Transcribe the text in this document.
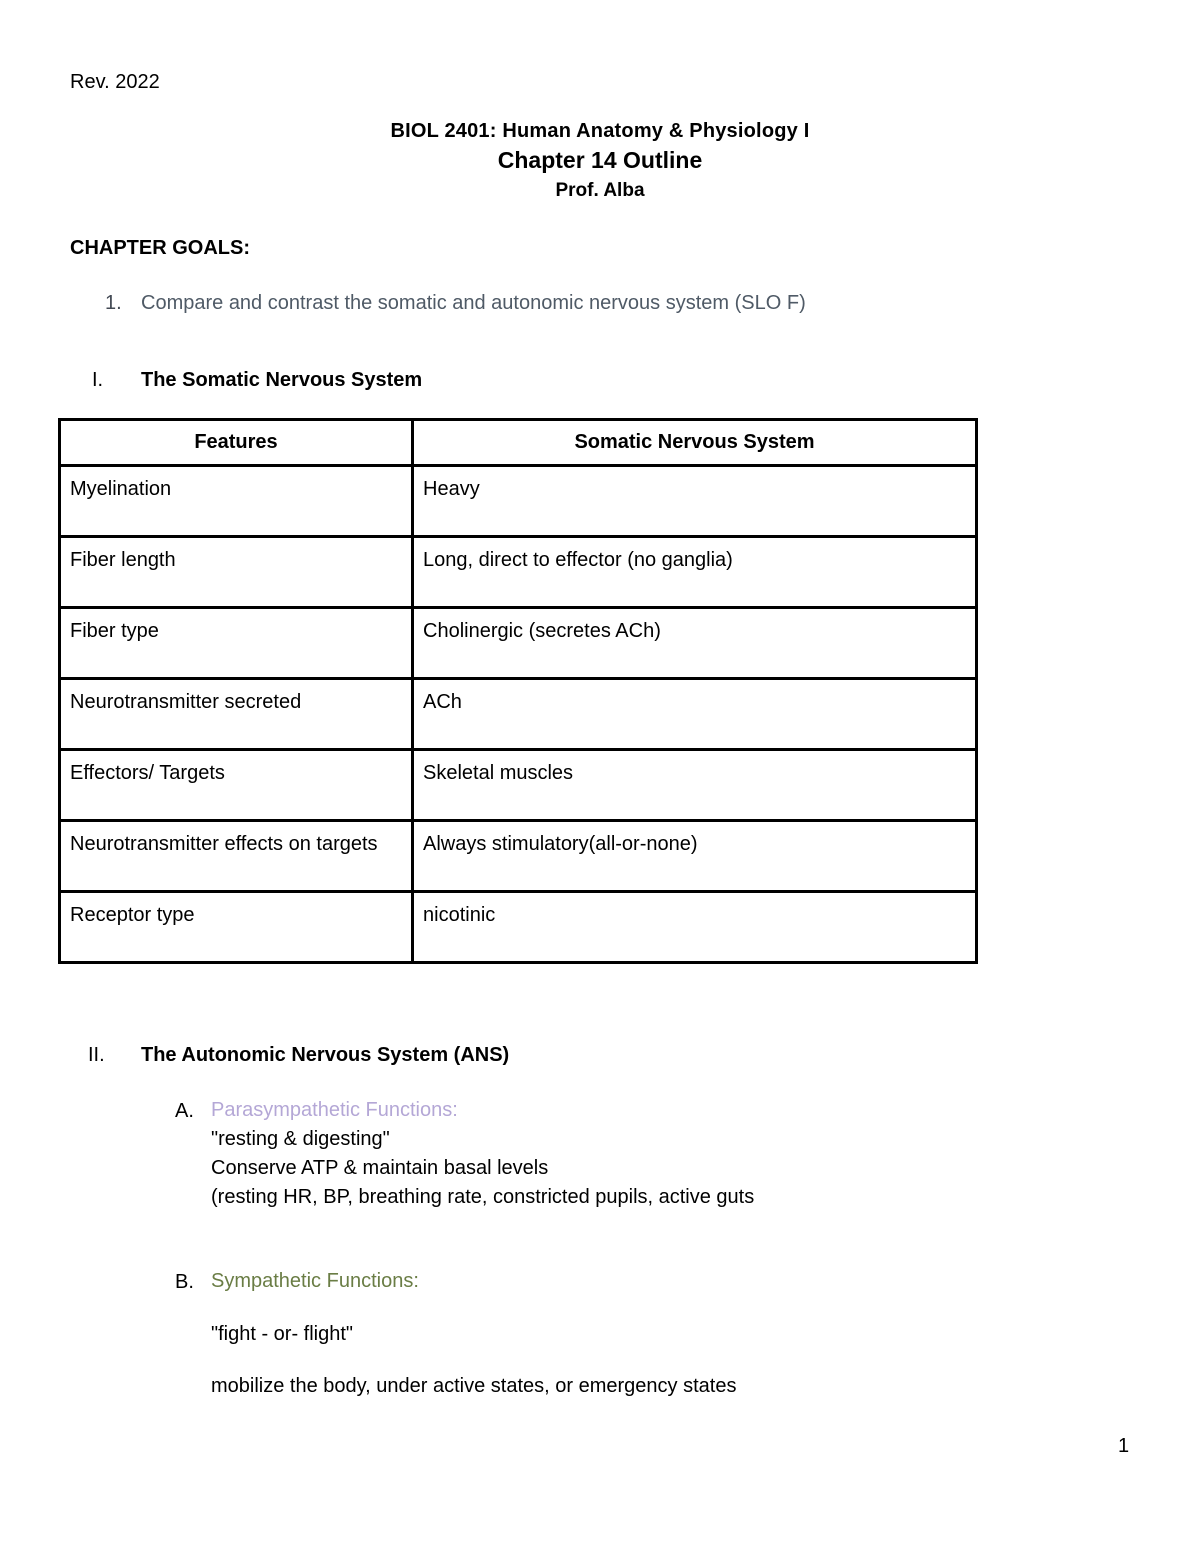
Rev. 2022
BIOL 2401: Human Anatomy & Physiology I
Chapter 14 Outline
Prof. Alba
CHAPTER GOALS:
1. Compare and contrast the somatic and autonomic nervous system (SLO F)
I. The Somatic Nervous System
Features	Somatic Nervous System

Myelination	Heavy

Fiber length	Long, direct to effector (no ganglia)

Fiber type	Cholinergic (secretes ACh)

Neurotransmitter secreted	ACh

Effectors/ Targets	Skeletal muscles

Neurotransmitter effects on targets	Always stimulatory(all-or-none)

Receptor type	nicotinic
II. The Autonomic Nervous System (ANS)
A. Parasympathetic Functions:
"resting & digesting"
Conserve ATP & maintain basal levels
(resting HR, BP, breathing rate, constricted pupils, active guts
B. Sympathetic Functions:
"fight - or- flight"
mobilize the body, under active states, or emergency states
1
